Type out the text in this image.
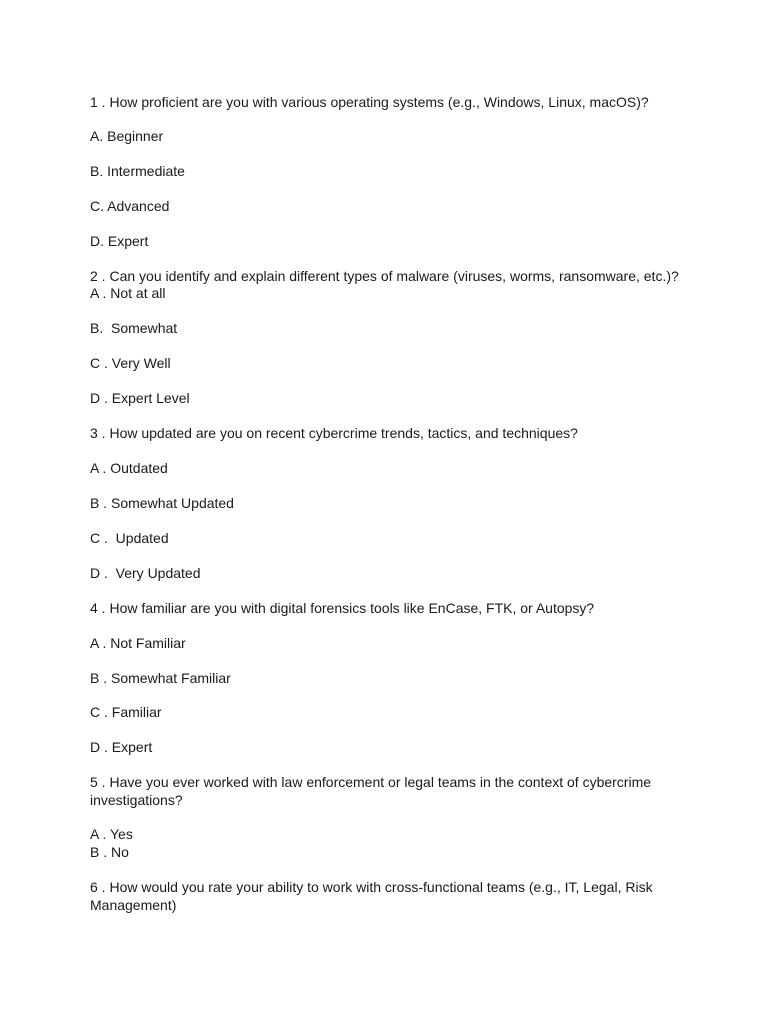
1 . How proficient are you with various operating systems (e.g., Windows, Linux, macOS)?
A. Beginner
B. Intermediate
C. Advanced
D. Expert
2 . Can you identify and explain different types of malware (viruses, worms, ransomware, etc.)?
A . Not at all
B.  Somewhat
C . Very Well
D . Expert Level
3 . How updated are you on recent cybercrime trends, tactics, and techniques?
A . Outdated
B . Somewhat Updated
C .  Updated
D .  Very Updated
4 . How familiar are you with digital forensics tools like EnCase, FTK, or Autopsy?
A . Not Familiar
B . Somewhat Familiar
C . Familiar
D . Expert
5 . Have you ever worked with law enforcement or legal teams in the context of cybercrime
investigations?
A . Yes
B . No
6 . How would you rate your ability to work with cross-functional teams (e.g., IT, Legal, Risk
Management)
